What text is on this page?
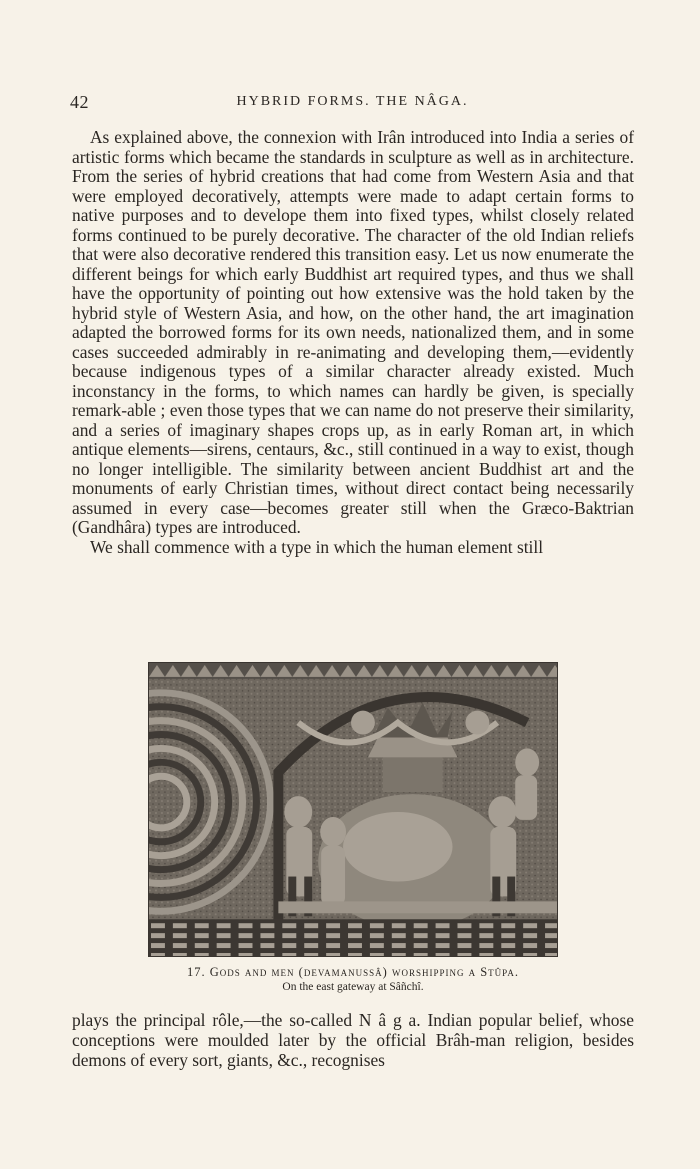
42	HYBRID FORMS. THE NÂGA.

As explained above, the connexion with Irân introduced into India a series of artistic forms which became the standards in sculpture as well as in architecture. From the series of hybrid creations that had come from Western Asia and that were employed decoratively, attempts were made to adapt certain forms to native purposes and to develope them into fixed types, whilst closely related forms continued to be purely decorative. The character of the old Indian reliefs that were also decorative rendered this transition easy. Let us now enumerate the different beings for which early Buddhist art required types, and thus we shall have the opportunity of pointing out how extensive was the hold taken by the hybrid style of Western Asia, and how, on the other hand, the art imagination adapted the borrowed forms for its own needs, nationalized them, and in some cases succeeded admirably in re-animating and developing them,—evidently because indigenous types of a similar character already existed. Much inconstancy in the forms, to which names can hardly be given, is specially remark-able ; even those types that we can name do not preserve their similarity, and a series of imaginary shapes crops up, as in early Roman art, in which antique elements—sirens, centaurs, &c., still continued in a way to exist, though no longer intelligible. The similarity between ancient Buddhist art and the monuments of early Christian times, without direct contact being necessarily assumed in every case—becomes greater still when the Græco-Baktrian (Gandhâra) types are introduced.

We shall commence with a type in which the human element still

17. Gods and men (devamanussâ) worshipping a Stûpa.
On the east gateway at Sâñchî.

plays the principal rôle,—the so-called N â g a. Indian popular belief, whose conceptions were moulded later by the official Brâh-man religion, besides demons of every sort, giants, &c., recognises
